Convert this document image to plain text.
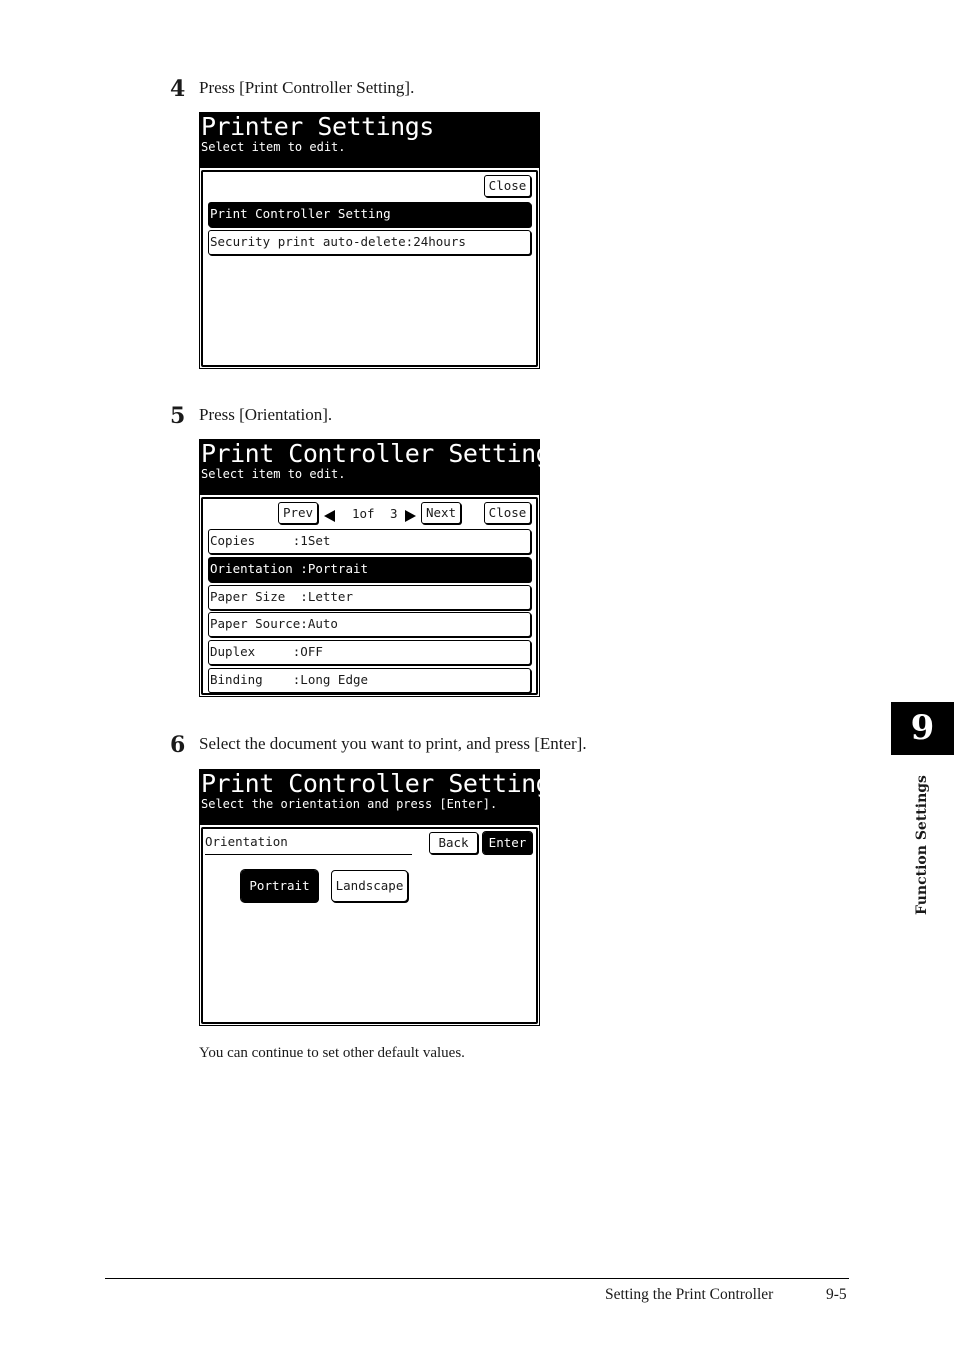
4 Press [Print Controller Setting].
Printer Settings
Select item to edit.
Close
Print Controller Setting
Security print auto-delete:24hours
5 Press [Orientation].
Print Controller Setting
Select item to edit.
Prev	1of 3	Next	Close
Copies     :1Set
Orientation :Portrait
Paper Size  :Letter
Paper Source:Auto
Duplex     :OFF
Binding    :Long Edge
6 Select the document you want to print, and press [Enter].
Print Controller Setting
Select the orientation and press [Enter].
Orientation	Back	Enter
Portrait	Landscape
You can continue to set other default values.
9
Function Settings
Setting the Print Controller	9-5
